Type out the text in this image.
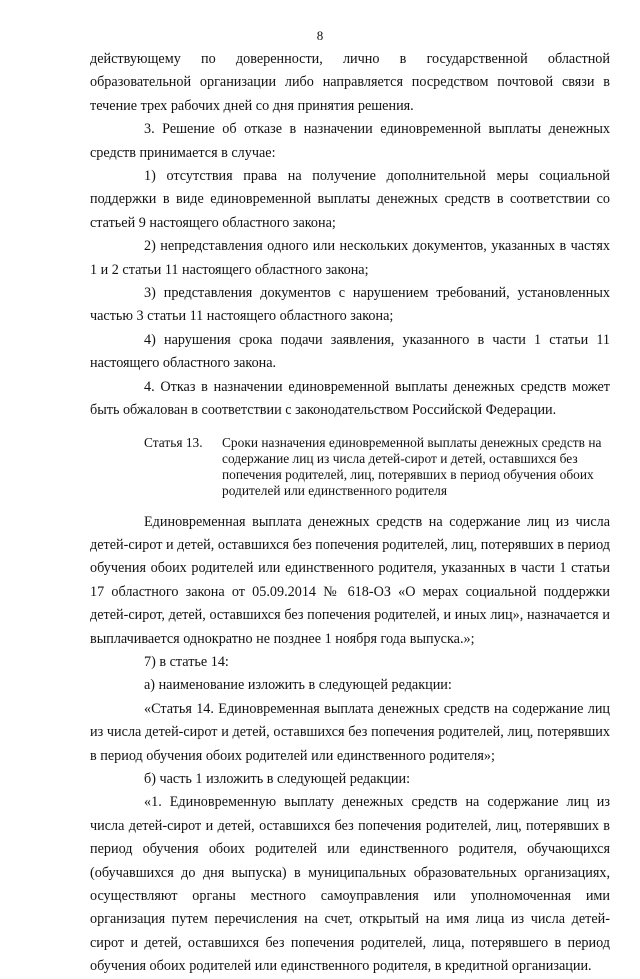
8

действующему по доверенности, лично в государственной областной образовательной организации либо направляется посредством почтовой связи в течение трех рабочих дней со дня принятия решения.

3. Решение об отказе в назначении единовременной выплаты денежных средств принимается в случае:

1) отсутствия права на получение дополнительной меры социальной поддержки в виде единовременной выплаты денежных средств в соответствии со статьей 9 настоящего областного закона;

2) непредставления одного или нескольких документов, указанных в частях 1 и 2 статьи 11 настоящего областного закона;

3) представления документов с нарушением требований, установленных частью 3 статьи 11 настоящего областного закона;

4) нарушения срока подачи заявления, указанного в части 1 статьи 11 настоящего областного закона.

4. Отказ в назначении единовременной выплаты денежных средств может быть обжалован в соответствии с законодательством Российской Федерации.

Статья 13.	Сроки назначения единовременной выплаты денежных средств на содержание лиц из числа детей-сирот и детей, оставшихся без попечения родителей, лиц, потерявших в период обучения обоих родителей или единственного родителя

Единовременная выплата денежных средств на содержание лиц из числа детей-сирот и детей, оставшихся без попечения родителей, лиц, потерявших в период обучения обоих родителей или единственного родителя, указанных в части 1 статьи 17 областного закона от 05.09.2014 № 618-ОЗ «О мерах социальной поддержки детей-сирот, детей, оставшихся без попечения родителей, и иных лиц», назначается и выплачивается однократно не позднее 1 ноября года выпуска.»;

7) в статье 14:

а) наименование изложить в следующей редакции:

«Статья 14. Единовременная выплата денежных средств на содержание лиц из числа детей-сирот и детей, оставшихся без попечения родителей, лиц, потерявших в период обучения обоих родителей или единственного родителя»;

б) часть 1 изложить в следующей редакции:

«1. Единовременную выплату денежных средств на содержание лиц из числа детей-сирот и детей, оставшихся без попечения родителей, лиц, потерявших в период обучения обоих родителей или единственного родителя, обучающихся (обучавшихся до дня выпуска) в муниципальных образовательных организациях, осуществляют органы местного самоуправления или уполномоченная ими организация путем перечисления на счет, открытый на имя лица из числа детей-сирот и детей, оставшихся без попечения родителей, лица, потерявшего в период обучения обоих родителей или единственного родителя, в кредитной организации.
